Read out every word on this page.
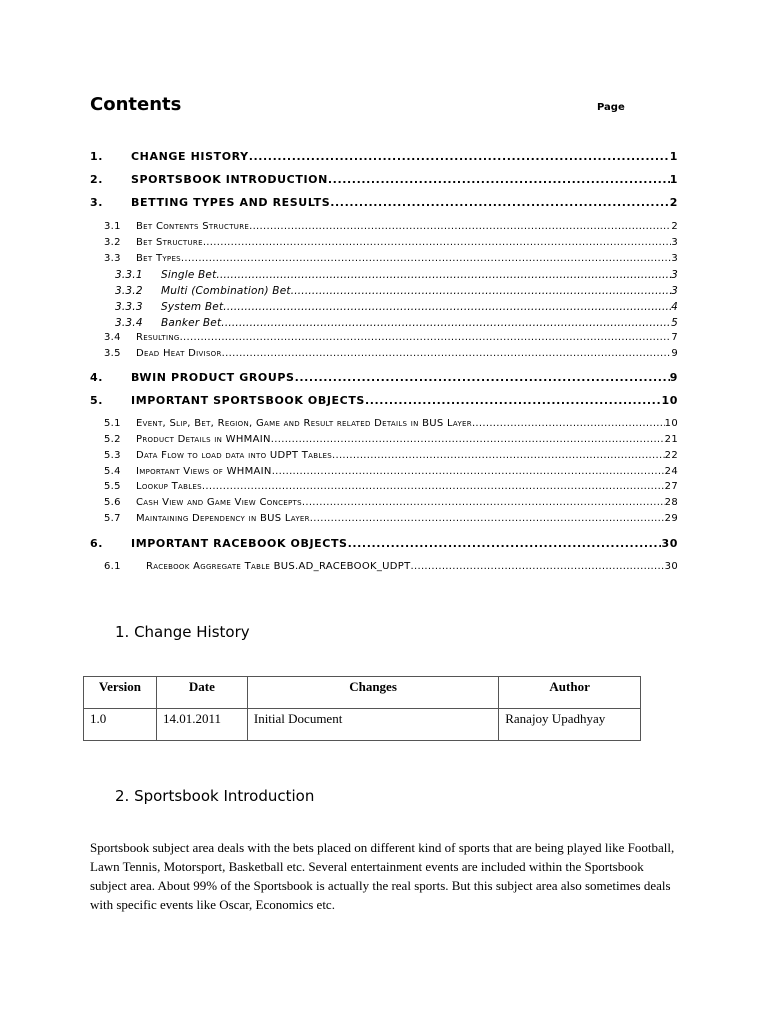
Contents	Page
1.	CHANGE HISTORY .....	1
2.	SPORTSBOOK INTRODUCTION .....	1
3.	BETTING TYPES AND RESULTS .....	2
3.1	Bet Contents Structure .....	2
3.2	Bet Structure .....	3
3.3	Bet Types .....	3
3.3.1	Single Bet .....	3
3.3.2	Multi (Combination) Bet .....	3
3.3.3	System Bet .....	4
3.3.4	Banker Bet .....	5
3.4	Resulting .....	7
3.5	Dead Heat Divisor .....	9
4.	BWIN PRODUCT GROUPS .....	9
5.	IMPORTANT SPORTSBOOK OBJECTS .....	10
5.1	Event, Slip, Bet, Region, Game and Result related Details in BUS Layer .....	10
5.2	Product Details in WHMAIN .....	21
5.3	Data Flow to load data into UDPT Tables .....	22
5.4	Important Views of WHMAIN .....	24
5.5	Lookup Tables .....	27
5.6	Cash View and Game View Concepts .....	28
5.7	Maintaining Dependency in BUS Layer .....	29
6.	IMPORTANT RACEBOOK OBJECTS .....	30
6.1	Racebook Aggregate Table BUS.AD_RACEBOOK_UDPT .....	30
1. Change History
Version	Date	Changes	Author
1.0	14.01.2011	Initial Document	Ranajoy Upadhyay
2. Sportsbook Introduction
Sportsbook subject area deals with the bets placed on different kind of sports that are being played like Football, Lawn Tennis, Motorsport, Basketball etc. Several entertainment events are included within the Sportsbook subject area. About 99% of the Sportsbook is actually the real sports. But this subject area also sometimes deals with specific events like Oscar, Economics etc.
